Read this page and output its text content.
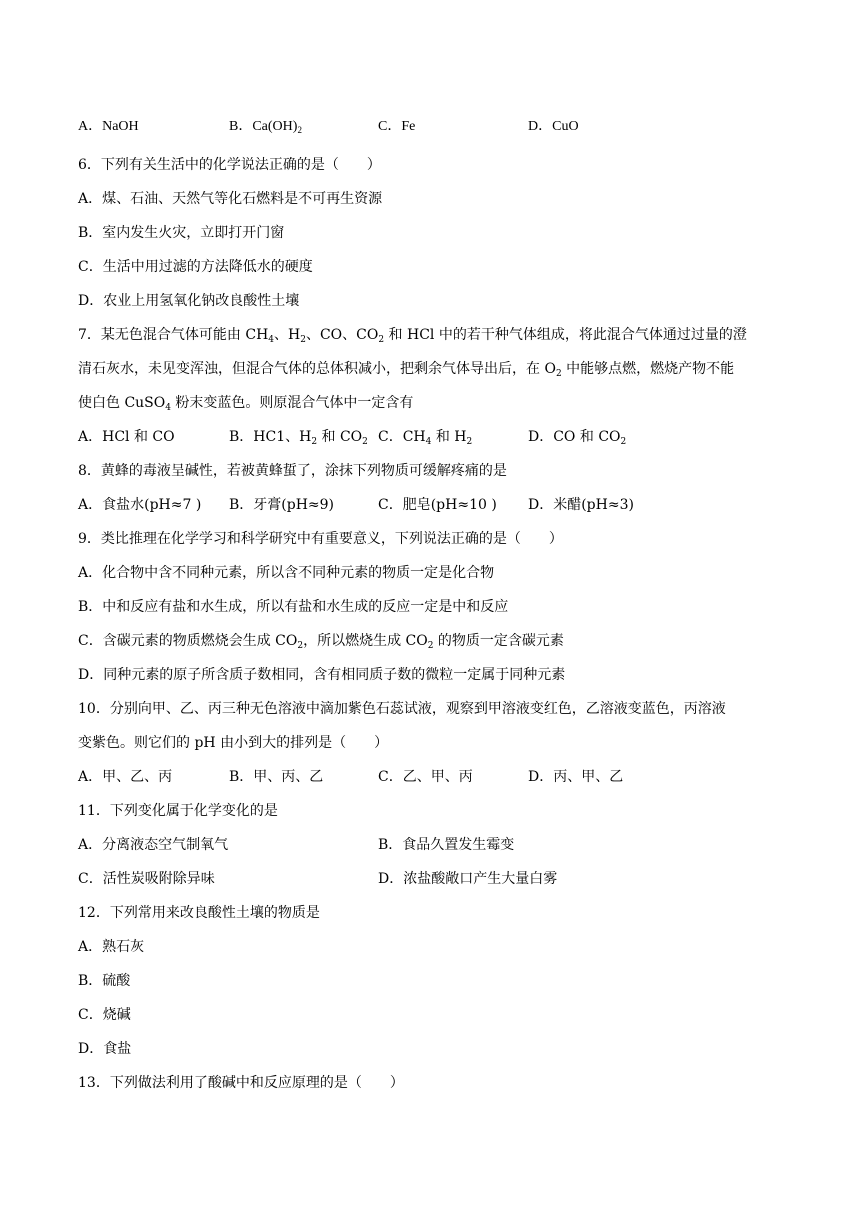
A．NaOH	B．$Ca(OH)_2$	C．Fe	D．CuO
6．下列有关生活中的化学说法正确的是（　　）
A．煤、石油、天然气等化石燃料是不可再生资源
B．室内发生火灾，立即打开门窗
C．生活中用过滤的方法降低水的硬度
D．农业上用氢氧化钠改良酸性土壤
7．某无色混合气体可能由 $CH_4$、$H_2$、CO、$CO_2$ 和 HCl 中的若干种气体组成，将此混合气体通过过量的澄
清石灰水，未见变浑浊，但混合气体的总体积减小，把剩余气体导出后，在 $O_2$ 中能够点燃，燃烧产物不能
使白色 CuSO$_4$ 粉末变蓝色。则原混合气体中一定含有
A．HCl 和 CO	B．HC1、$H_2$ 和 $CO_2$ C．$CH_4$ 和 $H_2$	D．CO 和 $CO_2$
8．黄蜂的毒液呈碱性，若被黄蜂蜇了，涂抹下列物质可缓解疼痛的是
A．食盐水(pH≈7 ) B．牙膏(pH≈9)	C．肥皂(pH≈10 ) D．米醋(pH≈3)
9．类比推理在化学学习和科学研究中有重要意义，下列说法正确的是（　　）
A．化合物中含不同种元素，所以含不同种元素的物质一定是化合物
B．中和反应有盐和水生成，所以有盐和水生成的反应一定是中和反应
C．含碳元素的物质燃烧会生成 $CO_2$，所以燃烧生成 $CO_2$ 的物质一定含碳元素
D．同种元素的原子所含质子数相同，含有相同质子数的微粒一定属于同种元素
10．分别向甲、乙、丙三种无色溶液中滴加紫色石蕊试液，观察到甲溶液变红色，乙溶液变蓝色，丙溶液
变紫色。则它们的 pH 由小到大的排列是（　　）
A．甲、乙、丙	B．甲、丙、乙	C．乙、甲、丙	D．丙、甲、乙
11．下列变化属于化学变化的是
A．分离液态空气制氧气	B．食品久置发生霉变
C．活性炭吸附除异味	D．浓盐酸敞口产生大量白雾
12．下列常用来改良酸性土壤的物质是
A．熟石灰
B．硫酸
C．烧碱
D．食盐
13．下列做法利用了酸碱中和反应原理的是（　　）
